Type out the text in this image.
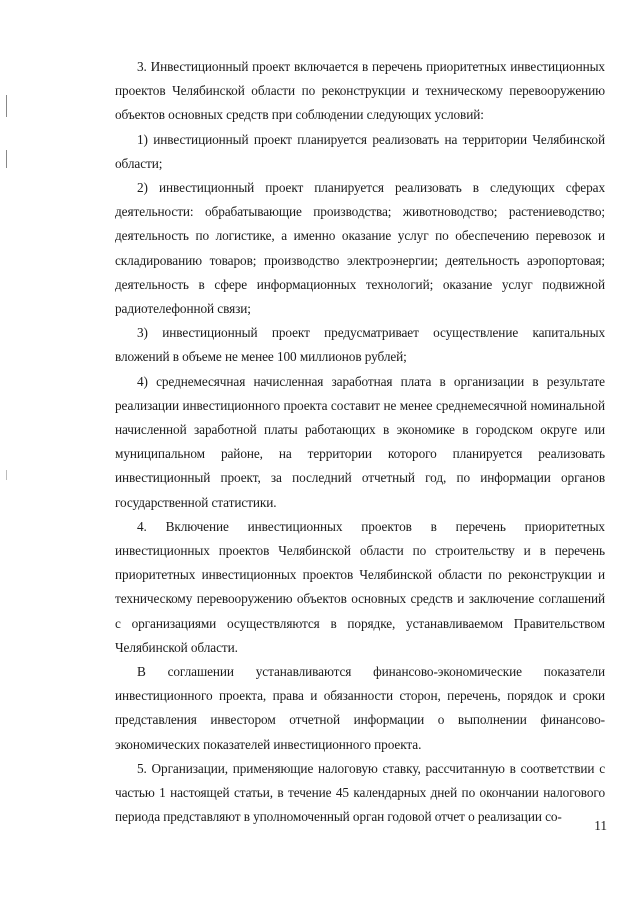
3. Инвестиционный проект включается в перечень приоритетных инвестиционных проектов Челябинской области по реконструкции и техническому перевооружению объектов основных средств при соблюдении следующих условий:

1) инвестиционный проект планируется реализовать на территории Челябинской области;

2) инвестиционный проект планируется реализовать в следующих сферах деятельности: обрабатывающие производства; животноводство; растениеводство; деятельность по логистике, а именно оказание услуг по обеспечению перевозок и складированию товаров; производство электроэнергии; деятельность аэропортовая; деятельность в сфере информационных технологий; оказание услуг подвижной радиотелефонной связи;

3) инвестиционный проект предусматривает осуществление капитальных вложений в объеме не менее 100 миллионов рублей;

4) среднемесячная начисленная заработная плата в организации в результате реализации инвестиционного проекта составит не менее среднемесячной номинальной начисленной заработной платы работающих в экономике в городском округе или муниципальном районе, на территории которого планируется реализовать инвестиционный проект, за последний отчетный год, по информации органов государственной статистики.

4. Включение инвестиционных проектов в перечень приоритетных инвестиционных проектов Челябинской области по строительству и в перечень приоритетных инвестиционных проектов Челябинской области по реконструкции и техническому перевооружению объектов основных средств и заключение соглашений с организациями осуществляются в порядке, устанавливаемом Правительством Челябинской области.

В соглашении устанавливаются финансово-экономические показатели инвестиционного проекта, права и обязанности сторон, перечень, порядок и сроки представления инвестором отчетной информации о выполнении финансово-экономических показателей инвестиционного проекта.

5. Организации, применяющие налоговую ставку, рассчитанную в соответствии с частью 1 настоящей статьи, в течение 45 календарных дней по окончании налогового периода представляют в уполномоченный орган годовой отчет о реализации со-

11
